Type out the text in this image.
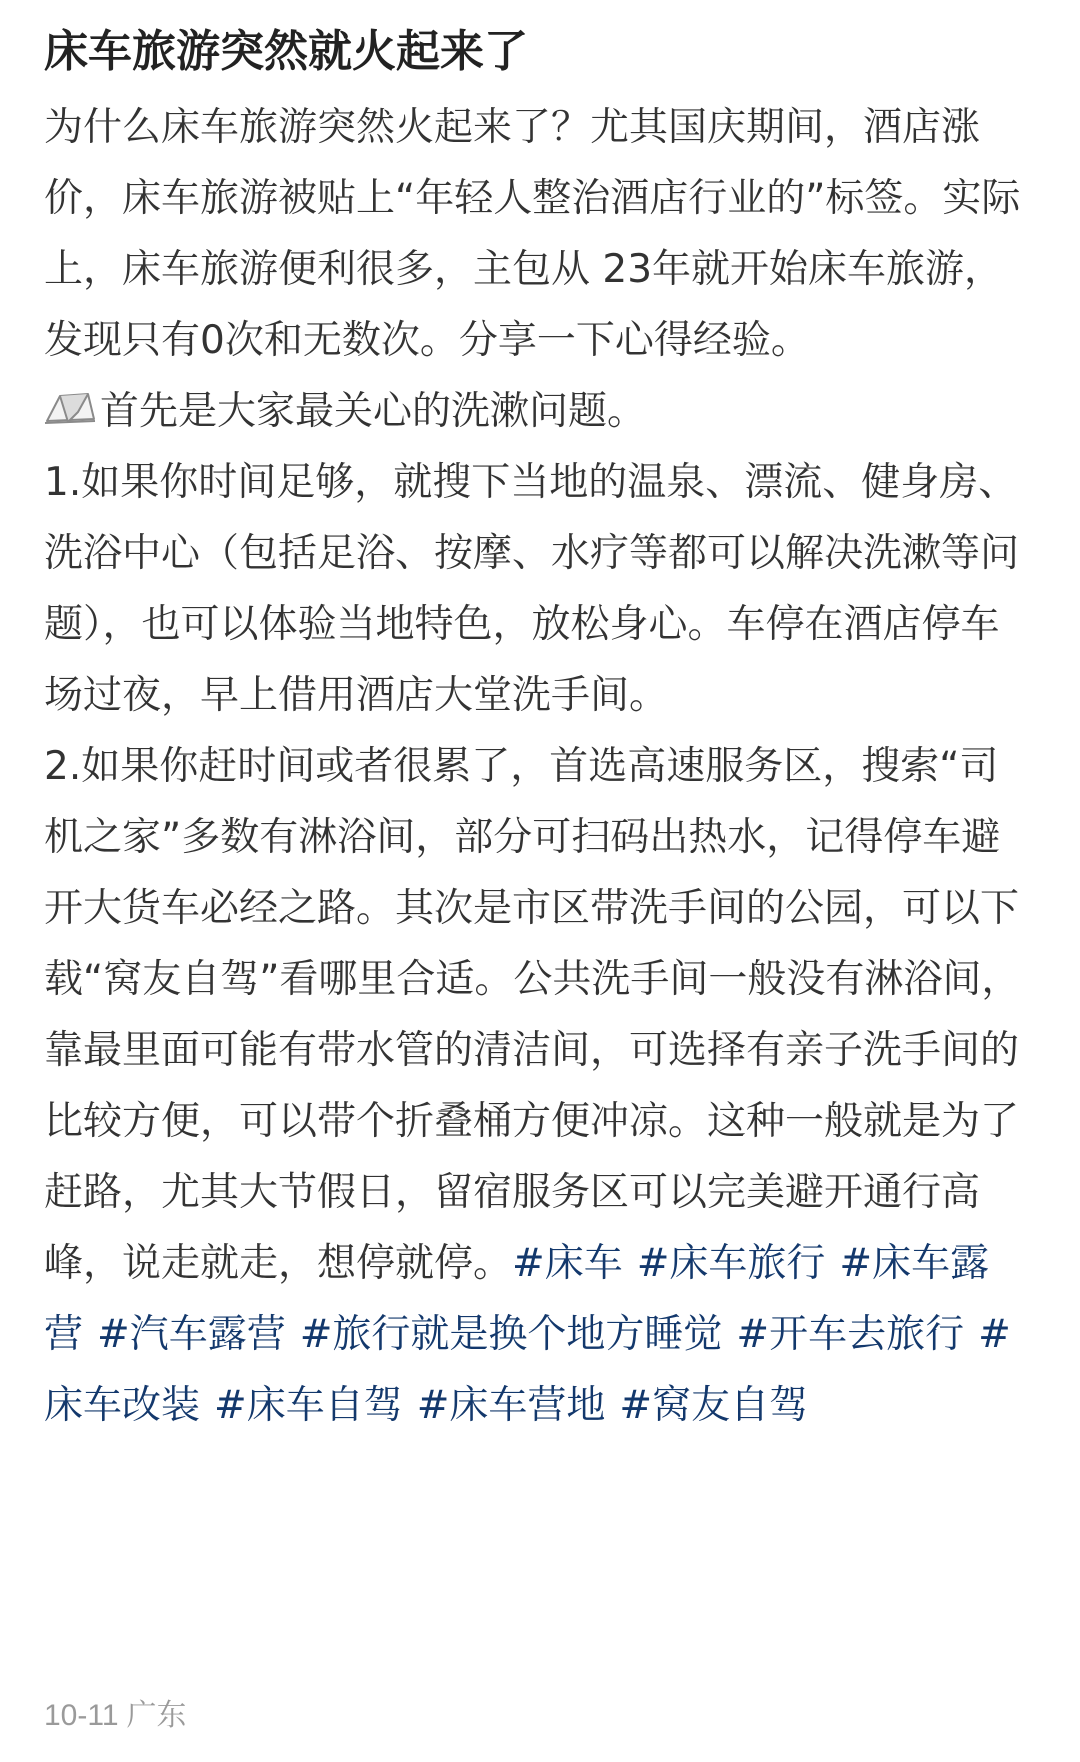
床车旅游突然就火起来了

为什么床车旅游突然火起来了？尤其国庆期间，酒店涨价，床车旅游被贴上“年轻人整治酒店行业的”标签。实际上，床车旅游便利很多，主包从 23年就开始床车旅游，发现只有0次和无数次。分享一下心得经验。

首先是大家最关心的洗漱问题。

1.如果你时间足够，就搜下当地的温泉、漂流、健身房、洗浴中心（包括足浴、按摩、水疗等都可以解决洗漱等问题），也可以体验当地特色，放松身心。车停在酒店停车场过夜，早上借用酒店大堂洗手间。

2.如果你赶时间或者很累了，首选高速服务区，搜索“司机之家”多数有淋浴间，部分可扫码出热水，记得停车避开大货车必经之路。其次是市区带洗手间的公园，可以下载“窝友自驾”看哪里合适。公共洗手间一般没有淋浴间，靠最里面可能有带水管的清洁间，可选择有亲子洗手间的比较方便，可以带个折叠桶方便冲凉。这种一般就是为了赶路，尤其大节假日，留宿服务区可以完美避开通行高峰，说走就走，想停就停。#床车 #床车旅行 #床车露营 #汽车露营 #旅行就是换个地方睡觉 #开车去旅行 #床车改装 #床车自驾 #床车营地 #窝友自驾

10-11 广东
